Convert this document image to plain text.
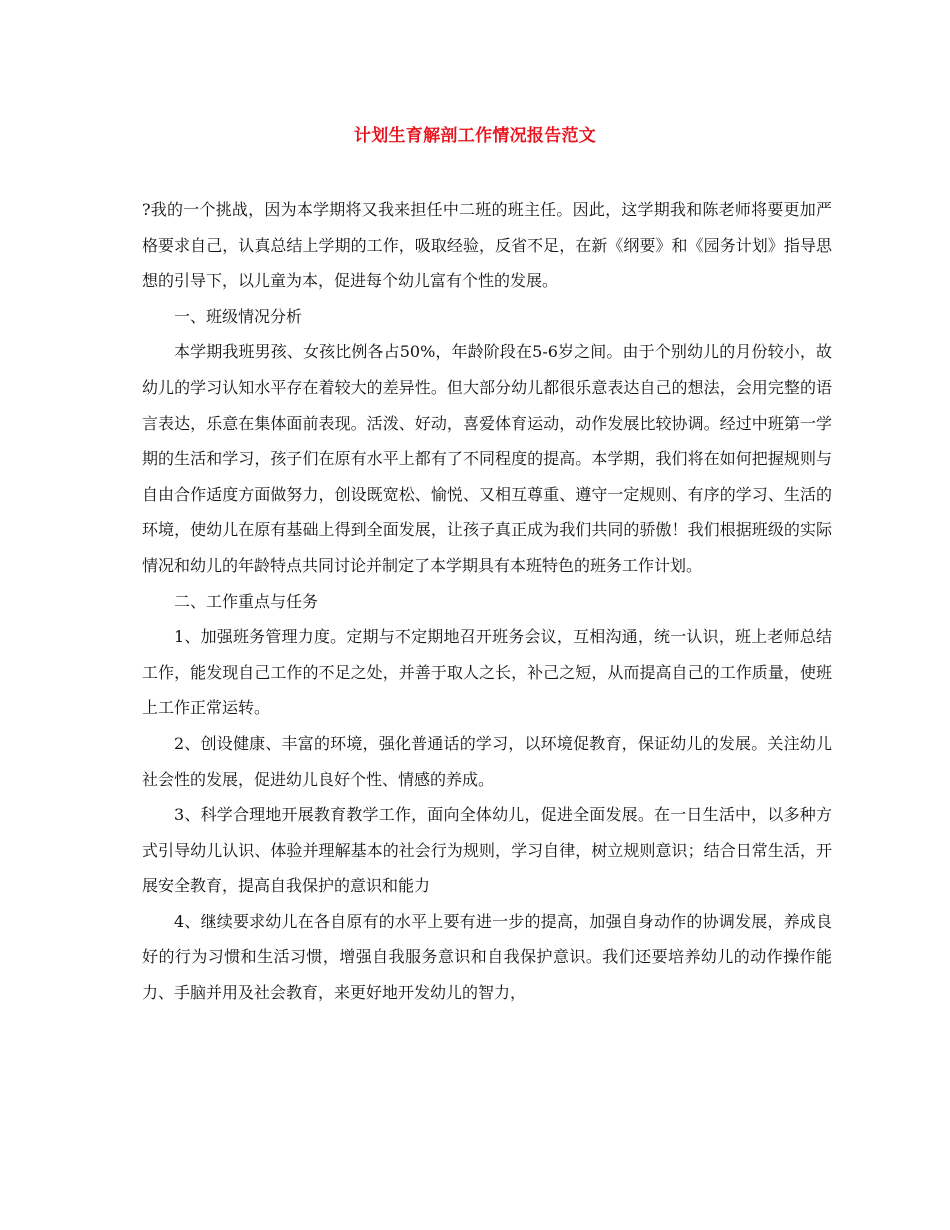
计划生育解剖工作情况报告范文

?我的一个挑战，因为本学期将又我来担任中二班的班主任。因此，这学期我和陈老师将要更加严格要求自己，认真总结上学期的工作，吸取经验，反省不足，在新《纲要》和《园务计划》指导思想的引导下，以儿童为本，促进每个幼儿富有个性的发展。

一、班级情况分析

本学期我班男孩、女孩比例各占50%，年龄阶段在5-6岁之间。由于个别幼儿的月份较小，故幼儿的学习认知水平存在着较大的差异性。但大部分幼儿都很乐意表达自己的想法，会用完整的语言表达，乐意在集体面前表现。活泼、好动，喜爱体育运动，动作发展比较协调。经过中班第一学期的生活和学习，孩子们在原有水平上都有了不同程度的提高。本学期，我们将在如何把握规则与自由合作适度方面做努力，创设既宽松、愉悦、又相互尊重、遵守一定规则、有序的学习、生活的环境，使幼儿在原有基础上得到全面发展，让孩子真正成为我们共同的骄傲！我们根据班级的实际情况和幼儿的年龄特点共同讨论并制定了本学期具有本班特色的班务工作计划。

二、工作重点与任务

1、加强班务管理力度。定期与不定期地召开班务会议，互相沟通，统一认识，班上老师总结工作，能发现自己工作的不足之处，并善于取人之长，补己之短，从而提高自己的工作质量，使班上工作正常运转。

2、创设健康、丰富的环境，强化普通话的学习，以环境促教育，保证幼儿的发展。关注幼儿社会性的发展，促进幼儿良好个性、情感的养成。

3、科学合理地开展教育教学工作，面向全体幼儿，促进全面发展。在一日生活中，以多种方式引导幼儿认识、体验并理解基本的社会行为规则，学习自律，树立规则意识；结合日常生活，开展安全教育，提高自我保护的意识和能力

4、继续要求幼儿在各自原有的水平上要有进一步的提高，加强自身动作的协调发展，养成良好的行为习惯和生活习惯，增强自我服务意识和自我保护意识。我们还要培养幼儿的动作操作能力、手脑并用及社会教育，来更好地开发幼儿的智力，
